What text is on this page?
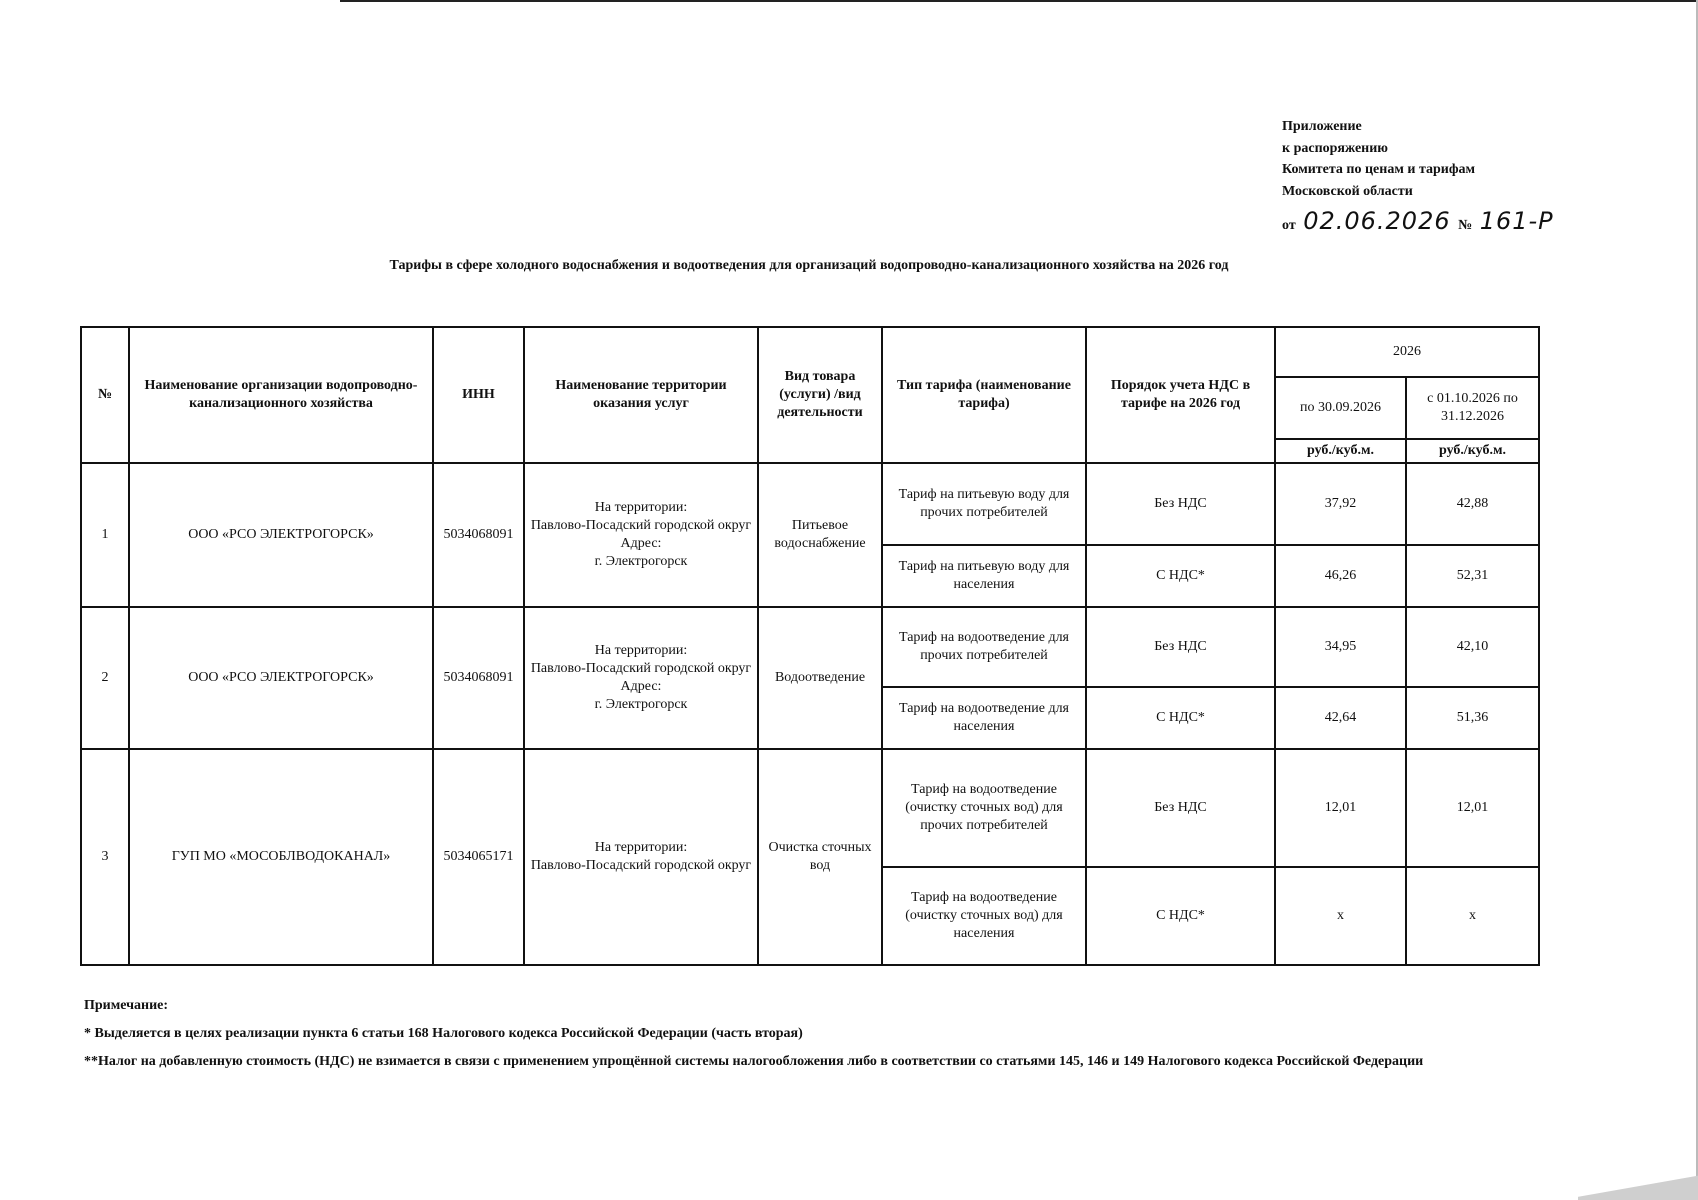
Приложение
к распоряжению
Комитета по ценам и тарифам
Московской области
от 02.06.2026 № 161-Р
Тарифы в сфере холодного водоснабжения и водоотведения для организаций водопроводно-канализационного хозяйства на 2026 год
№	Наименование организации водопроводно-канализационного хозяйства	ИНН	Наименование территории оказания услуг	Вид товара (услуги) /вид деятельности	Тип тарифа (наименование тарифа)	Порядок учета НДС в тарифе на 2026 год	2026	
							по 30.09.2026	с 01.10.2026 по 31.12.2026
							руб./куб.м.	руб./куб.м.
1	ООО «РСО ЭЛЕКТРОГОРСК»	5034068091	На территории:
Павлово-Посадский городской округ
Адрес:
г. Электрогорск	Питьевое водоснабжение	Тариф на питьевую воду для прочих потребителей	Без НДС	37,92	42,88
					Тариф на питьевую воду для населения	С НДС*	46,26	52,31
2	ООО «РСО ЭЛЕКТРОГОРСК»	5034068091	На территории:
Павлово-Посадский городской округ
Адрес:
г. Электрогорск	Водоотведение	Тариф на водоотведение для прочих потребителей	Без НДС	34,95	42,10
					Тариф на водоотведение для населения	С НДС*	42,64	51,36
3	ГУП МО «МОСОБЛВОДОКАНАЛ»	5034065171	На территории:
Павлово-Посадский городской округ	Очистка сточных вод	Тариф на водоотведение (очистку сточных вод) для прочих потребителей	Без НДС	12,01	12,01
					Тариф на водоотведение (очистку сточных вод) для населения	С НДС*	х	х
Примечание:
* Выделяется в целях реализации пункта 6 статьи 168 Налогового кодекса Российской Федерации (часть вторая)
**Налог на добавленную стоимость (НДС) не взимается в связи с применением упрощённой системы налогообложения либо в соответствии со статьями 145, 146 и 149 Налогового кодекса Российской Федерации
